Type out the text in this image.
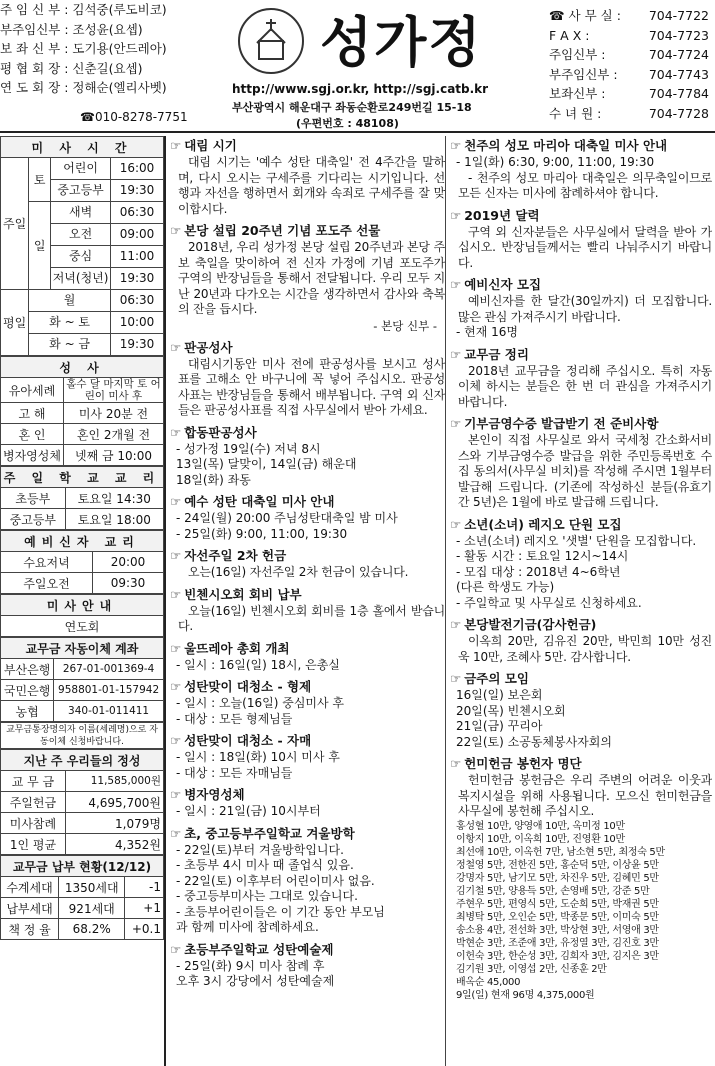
주 임 신 부 : 김석중(루도비코)
부주임신부 : 조성윤(요셉)
보 좌 신 부 : 도기용(안드레아)
평 협 회 장 : 신춘길(요셉)
연 도 회 장 : 정해순(엘리사벳)
☎010-8278-7751
성가정
http://www.sgj.or.kr, http://sgj.catb.kr
부산광역시 해운대구 좌동순환로249번길 15-18
(우편번호 : 48108)
☎ 사 무 실 : 704-7722
F A X :	704-7723
주임신부 :	704-7724
부주임신부 :	704-7743
보좌신부 :	704-7784
수 녀 원 :	704-7728
미 사 시 간		
주일	토	어린이 16:00

		중고등부 19:30

	일	새벽 06:30

		오전 09:00

		중심 11:00

		저녁(청년) 19:30

평일	월 06:30	

	화 ~ 토 10:00	

	화 ~ 금 19:30	
성 사	
유아세례	홀수 달 마지막 토 어린이 미사 후
고 해	미사 20분 전
혼 인	혼인 2개월 전
병자영성체	넷째 금 10:00
주 일 학 교 교 리	
초등부	토요일 14:30
중고등부	토요일 18:00
예비신자 교리	
수요저녁	20:00
주일오전	09:30
미사안내
연도회
교무금 자동이체 계좌	
부산은행	267-01-001369-4
국민은행	958801-01-157942
농협	340-01-011411
교무금통장명의자 이름(세례명)으로 자동이체 신청바랍니다.
지난 주 우리들의 정성	
교 무 금	11,585,000원
주일헌금	4,695,700원
미사참례	1,079명
1인 평균	4,352원
교무금 납부 현황(12/12)		
수계세대	1350세대	-1
납부세대	921세대	+1
책 정 율	68.2%	+0.1
☞ 대림 시기

대림 시기는 '예수 성탄 대축일' 전 4주간을 말하며, 다시 오시는 구세주를 기다리는 시기입니다. 선행과 자선을 행하면서 회개와 속죄로 구세주를 잘 맞이합시다.

☞ 본당 설립 20주년 기념 포도주 선물

2018년, 우리 성가정 본당 설립 20주년과 본당 주보 축일을 맞이하여 전 신자 가정에 기념 포도주가 구역의 반장님들을 통해서 전달됩니다. 우리 모두 지난 20년과 다가오는 시간을 생각하면서 감사와 축복의 잔을 듭시다.

- 본당 신부 -
☞ 판공성사

대림시기동안 미사 전에 판공성사를 보시고 성사표를 고해소 안 바구니에 꼭 넣어 주십시오. 판공성사표는 반장님들을 통해서 배부됩니다. 구역 외 신자들은 판공성사표를 직접 사무실에서 받아 가세요.

☞ 합동판공성사
- 성가정 19일(수) 저녁 8시
13일(목) 달맞이, 14일(금) 해운대
18일(화) 좌동
☞ 예수 성탄 대축일 미사 안내
- 24일(월) 20:00 주님성탄대축일 밤 미사
- 25일(화) 9:00, 11:00, 19:30
☞ 자선주일 2차 헌금

오는(16일) 자선주일 2차 헌금이 있습니다.

☞ 빈첸시오회 회비 납부

오늘(16일) 빈첸시오회 회비를 1층 홀에서 받습니다.

☞ 울뜨레아 총회 개최
- 일시 : 16일(일) 18시, 은총실
☞ 성탄맞이 대청소 - 형제
- 일시 : 오늘(16일) 중심미사 후
- 대상 : 모든 형제님들
☞ 성탄맞이 대청소 - 자매
- 일시 : 18일(화) 10시 미사 후
- 대상 : 모든 자매님들
☞ 병자영성체
- 일시 : 21일(금) 10시부터
☞ 초, 중고등부주일학교 겨울방학
- 22일(토)부터 겨울방학입니다.
- 초등부 4시 미사 때 졸업식 있음.
- 22일(토) 이후부터 어린이미사 없음.
- 중고등부미사는 그대로 있습니다.
- 초등부어린이들은 이 기간 동안 부모님
과 함께 미사에 참례하세요.
☞ 초등부주일학교 성탄예술제
- 25일(화) 9시 미사 참례 후
오후 3시 강당에서 성탄예술제
☞ 천주의 성모 마리아 대축일 미사 안내
- 1일(화) 6:30, 9:00, 11:00, 19:30

- 천주의 성모 마리아 대축일은 의무축일이므로 모든 신자는 미사에 참례하셔야 합니다.

☞ 2019년 달력

구역 외 신자분들은 사무실에서 달력을 받아 가십시오. 반장님들께서는 빨리 나눠주시기 바랍니다.

☞ 예비신자 모집

예비신자를 한 달간(30일까지) 더 모집합니다. 많은 관심 가져주시기 바랍니다.

- 현재 16명
☞ 교무금 정리

2018년 교무금을 정리해 주십시오. 특히 자동이체 하시는 분들은 한 번 더 관심을 가져주시기 바랍니다.

☞ 기부금영수증 발급받기 전 준비사항

본인이 직접 사무실로 와서 국세청 간소화서비스와 기부금영수증 발급을 위한 주민등록번호 수집 동의서(사무실 비치)를 작성해 주시면 1월부터 발급해 드립니다. (기존에 작성하신 분들(유효기간 5년)은 1월에 바로 발급해 드립니다.

☞ 소년(소녀) 레지오 단원 모집
- 소년(소녀) 레지오 '샛별' 단원을 모집합니다.
- 활동 시간 : 토요일 12시~14시
- 모집 대상 : 2018년 4~6학년
(다른 학생도 가능)
- 주일학교 및 사무실로 신청하세요.
☞ 본당발전기금(감사헌금)

이옥희 20만, 김유진 20만, 박민희 10만 성진욱 10만, 조혜사 5만. 감사합니다.

☞ 금주의 모임
16일(일) 보은회
20일(목) 빈첸시오회
21일(금) 꾸리아
22일(토) 소공동체봉사자회의
☞ 헌미헌금 봉헌자 명단

헌미헌금 봉헌금은 우리 주변의 어려운 이웃과 복지시설을 위해 사용됩니다. 모으신 헌미헌금을 사무실에 봉헌해 주십시오.

홍성혈 10만, 양영애 10만, 옥미정 10만
이항지 10만, 이옥희 10만, 진영환 10만
최선애 10만, 이옥헌 7만, 남소현 5만, 최정숙 5만
정철영 5만, 전한진 5만, 홍순덕 5만, 이상윤 5만
강명자 5만, 남기모 5만, 차진우 5만, 김혜민 5만
김기철 5만, 양용득 5만, 손영배 5만, 강준 5만
주현우 5만, 편영식 5만, 도순희 5만, 박재권 5만
최병탁 5만, 오인순 5만, 박종문 5만, 이미숙 5만
송소용 4만, 전선화 3만, 박상현 3만, 서영애 3만
박현순 3만, 조준애 3만, 유정열 3만, 김진호 3만
이헌숙 3만, 한순성 3만, 김희자 3만, 김지은 3만
김기원 3만, 이영섭 2만, 신종훈 2만
배옥순 45,000
9일(일) 현재 96명 4,375,000원
